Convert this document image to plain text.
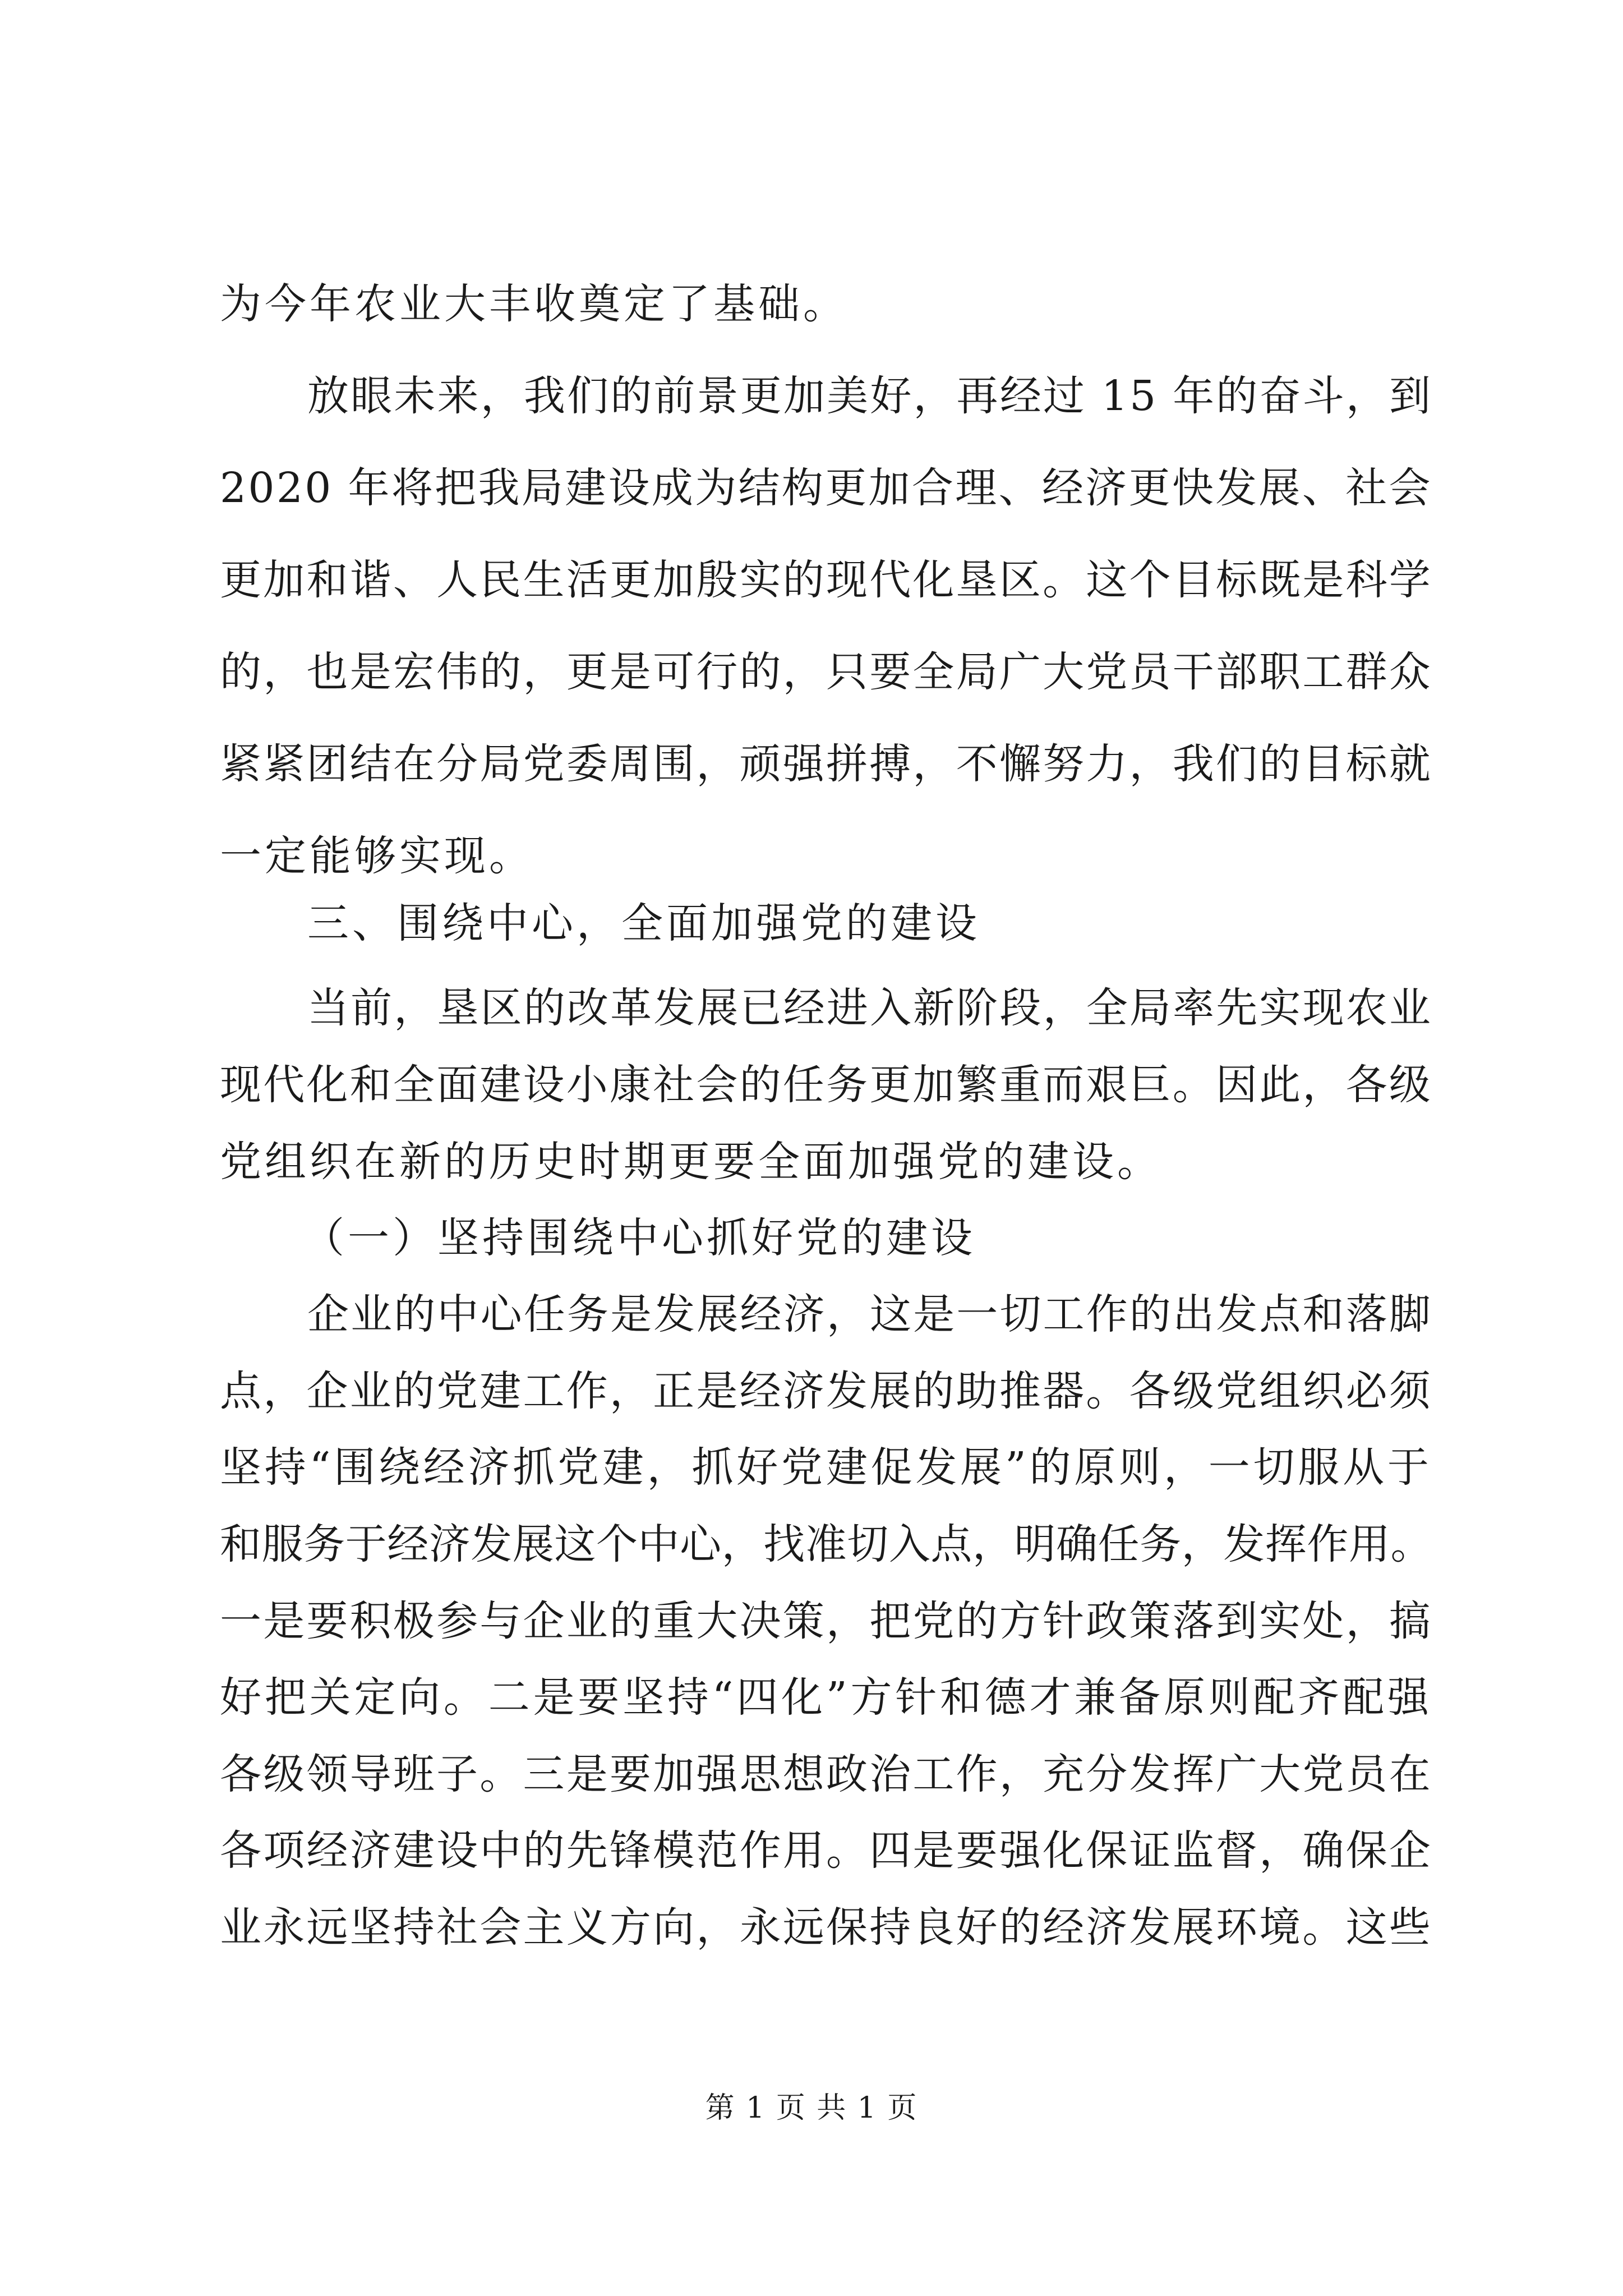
为今年农业大丰收奠定了基础。
放眼未来，我们的前景更加美好，再经过 15 年的奋斗，到
2020 年将把我局建设成为结构更加合理、经济更快发展、社会
更加和谐、人民生活更加殷实的现代化垦区。这个目标既是科学
的，也是宏伟的，更是可行的，只要全局广大党员干部职工群众
紧紧团结在分局党委周围，顽强拼搏，不懈努力，我们的目标就
一定能够实现。
三、围绕中心，全面加强党的建设
当前，垦区的改革发展已经进入新阶段，全局率先实现农业
现代化和全面建设小康社会的任务更加繁重而艰巨。因此，各级
党组织在新的历史时期更要全面加强党的建设。
（一）坚持围绕中心抓好党的建设
企业的中心任务是发展经济，这是一切工作的出发点和落脚
点，企业的党建工作，正是经济发展的助推器。各级党组织必须
坚持“围绕经济抓党建，抓好党建促发展”的原则，一切服从于
和服务于经济发展这个中心，找准切入点，明确任务，发挥作用。
一是要积极参与企业的重大决策，把党的方针政策落到实处，搞
好把关定向。二是要坚持“四化”方针和德才兼备原则配齐配强
各级领导班子。三是要加强思想政治工作，充分发挥广大党员在
各项经济建设中的先锋模范作用。四是要强化保证监督，确保企
业永远坚持社会主义方向，永远保持良好的经济发展环境。这些
第 1 页 共 1 页
